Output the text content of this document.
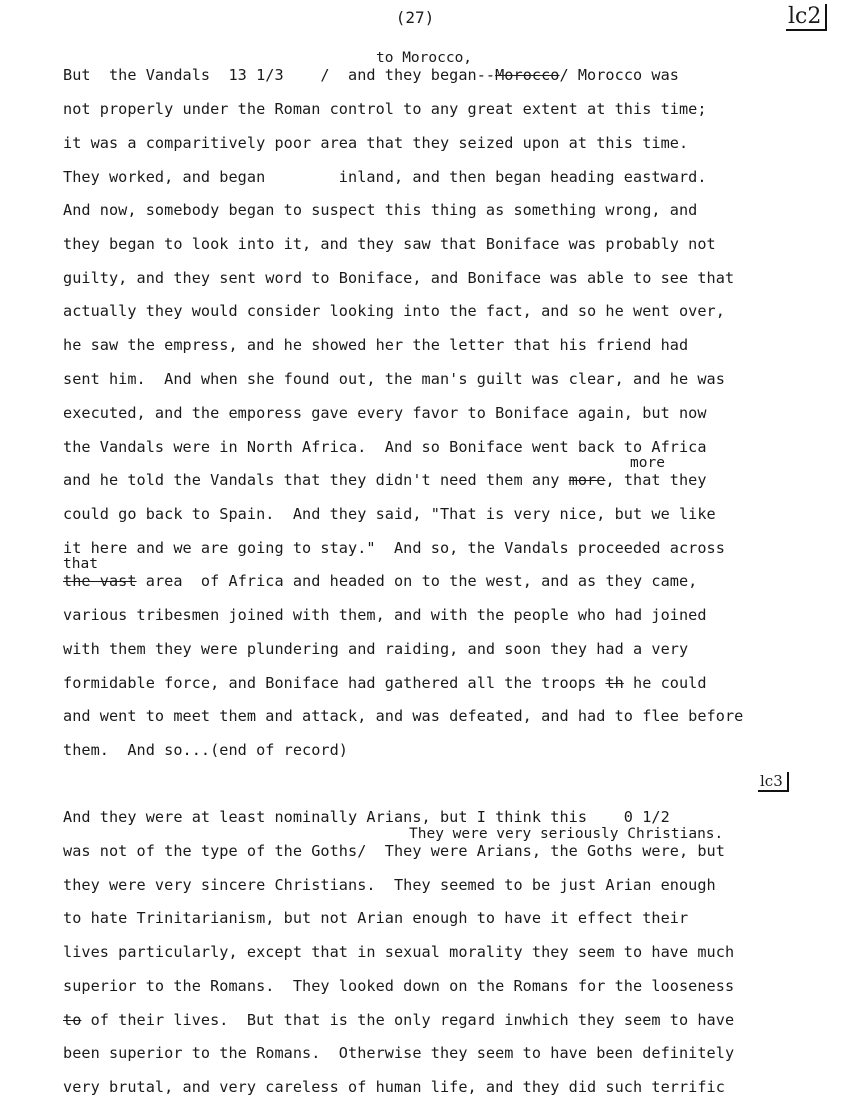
(27)	lc2
lc3
to Morocco,
more
that
They were very seriously Christians.
But  the Vandals  13 1/3    /  and they began--Morocco/ Morocco was
not properly under the Roman control to any great extent at this time;
it was a comparitively poor area that they seized upon at this time.
They worked, and began        inland, and then began heading eastward.
And now, somebody began to suspect this thing as something wrong, and
they began to look into it, and they saw that Boniface was probably not
guilty, and they sent word to Boniface, and Boniface was able to see that
actually they would consider looking into the fact, and so he went over,
he saw the empress, and he showed her the letter that his friend had
sent him.  And when she found out, the man's guilt was clear, and he was
executed, and the emporess gave every favor to Boniface again, but now
the Vandals were in North Africa.  And so Boniface went back to Africa
and he told the Vandals that they didn't need them any more, that they
could go back to Spain.  And they said, "That is very nice, but we like
it here and we are going to stay."  And so, the Vandals proceeded across
the vast area  of Africa and headed on to the west, and as they came,
various tribesmen joined with them, and with the people who had joined
with them they were plundering and raiding, and soon they had a very
formidable force, and Boniface had gathered all the troops th he could
and went to meet them and attack, and was defeated, and had to flee before
them.  And so...(end of record)
And they were at least nominally Arians, but I think this    0 1/2
was not of the type of the Goths/  They were Arians, the Goths were, but
they were very sincere Christians.  They seemed to be just Arian enough
to hate Trinitarianism, but not Arian enough to have it effect their
lives particularly, except that in sexual morality they seem to have much
superior to the Romans.  They looked down on the Romans for the looseness
to of their lives.  But that is the only regard inwhich they seem to have
been superior to the Romans.  Otherwise they seem to have been definitely
very brutal, and very careless of human life, and they did such terrific
